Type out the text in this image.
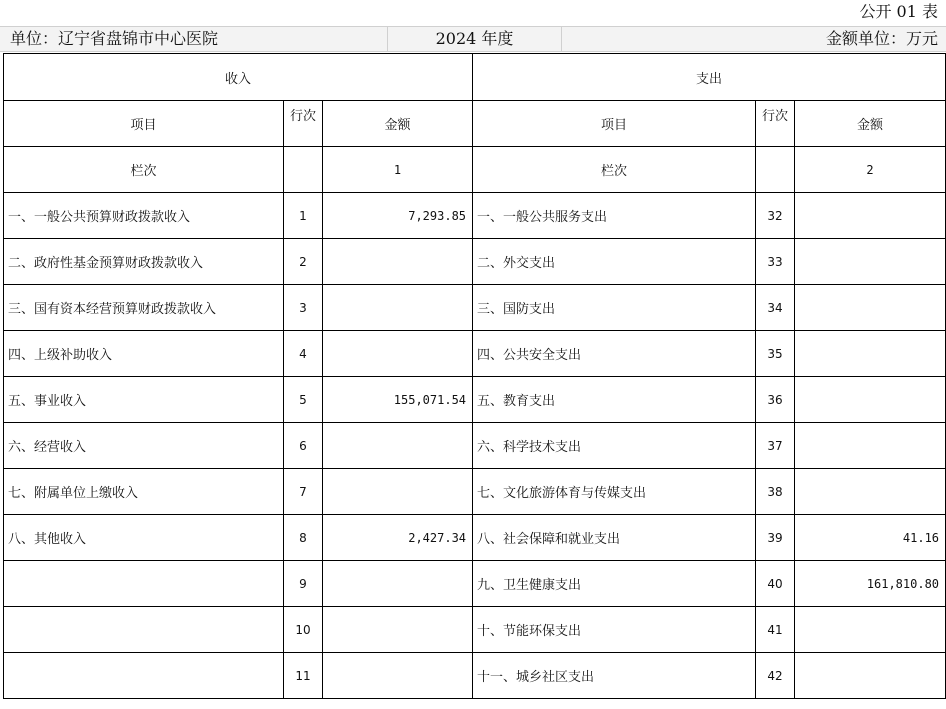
公开 01 表
单位：辽宁省盘锦市中心医院	2024 年度	金额单位：万元
收入			支出		
项目	行次	金额	项目	行次	金额
栏次		1	栏次		2
一、一般公共预算财政拨款收入	1	7,293.85	一、一般公共服务支出	32	
二、政府性基金预算财政拨款收入	2		二、外交支出	33	
三、国有资本经营预算财政拨款收入	3		三、国防支出	34	
四、上级补助收入	4		四、公共安全支出	35	
五、事业收入	5	155,071.54	五、教育支出	36	
六、经营收入	6		六、科学技术支出	37	
七、附属单位上缴收入	7		七、文化旅游体育与传媒支出	38	
八、其他收入	8	2,427.34	八、社会保障和就业支出	39	41.16
	9		九、卫生健康支出	40	161,810.80
	10		十、节能环保支出	41	
	11		十一、城乡社区支出	42	
